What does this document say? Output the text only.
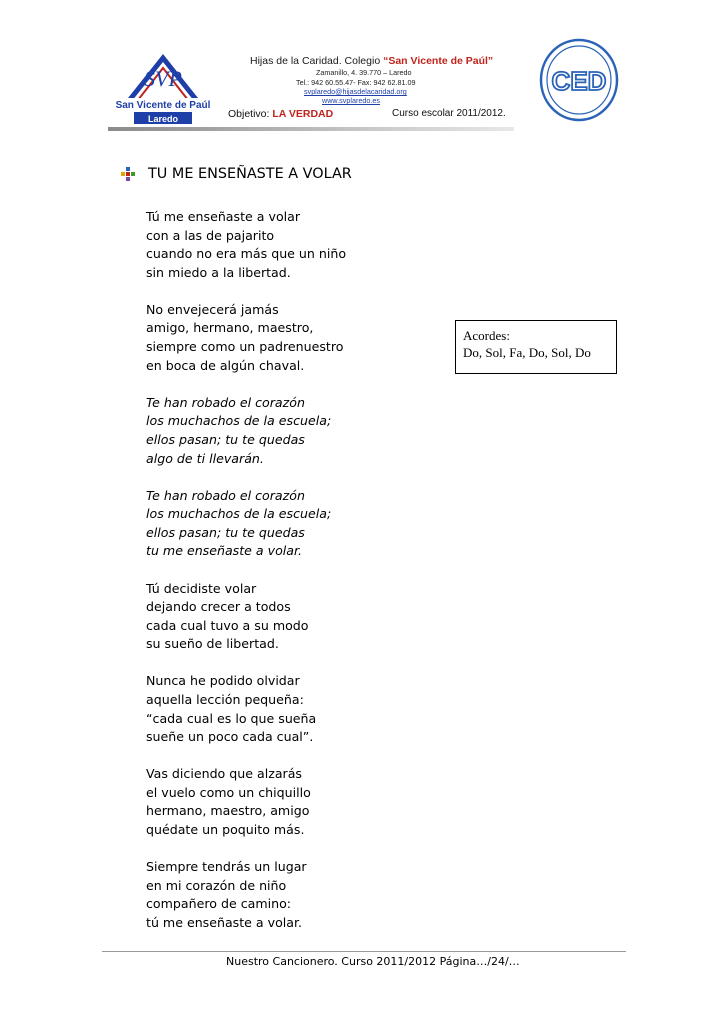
SVP
San Vicente de Paúl
Laredo
Hijas de la Caridad. Colegio “San Vicente de Paúl”
Zamanillo, 4. 39.770 – Laredo
Tel.: 942 60.55.47- Fax: 942 62.81.09
svplaredo@hijasdelacaridad.org
www.svplaredo.es
Objetivo: LA VERDAD	Curso escolar 2011/2012.
CED
TU ME ENSEÑASTE A VOLAR
Tú me enseñaste a volar
con a las de pajarito
cuando no era más que un niño
sin miedo a la libertad.
No envejecerá jamás
amigo, hermano, maestro,
siempre como un padrenuestro
en boca de algún chaval.
Te han robado el corazón
los muchachos de la escuela;
ellos pasan; tu te quedas
algo de ti llevarán.
Te han robado el corazón
los muchachos de la escuela;
ellos pasan; tu te quedas
tu me enseñaste a volar.
Tú decidiste volar
dejando crecer a todos
cada cual tuvo a su modo
su sueño de libertad.
Nunca he podido olvidar
aquella lección pequeña:
“cada cual es lo que sueña
sueñe un poco cada cual”.
Vas diciendo que alzarás
el vuelo como un chiquillo
hermano, maestro, amigo
quédate un poquito más.
Siempre tendrás un lugar
en mi corazón de niño
compañero de camino:
tú me enseñaste a volar.
Acordes:
Do, Sol, Fa, Do, Sol, Do
Nuestro Cancionero. Curso 2011/2012 Página…/24/…
